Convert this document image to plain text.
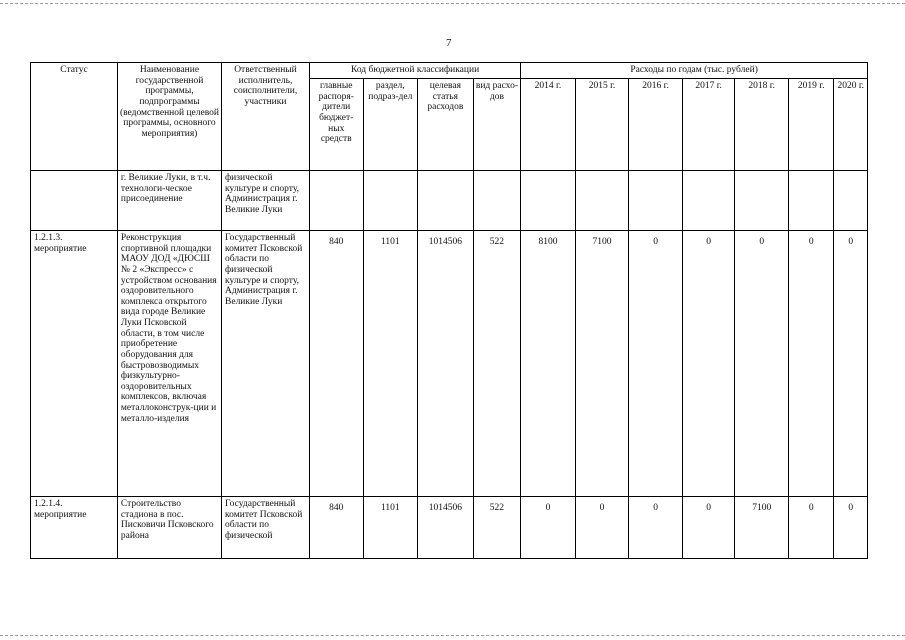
7
Статус	Наименование государственной программы, подпрограммы (ведомственной целевой программы, основного мероприятия)	Ответственный исполнитель, соисполнители, участники	Код бюджетной классификации				Расходы по годам (тыс. рублей)						
			главные распоря-дители бюджет-ных средств	раздел, подраз-дел	целевая статья расходов	вид расхо-дов	2014 г.	2015 г.	2016 г.	2017 г.	2018 г.	2019 г.	2020 г.
	г. Великие Луки, в т.ч. технологи-ческое присоединение	физической культуре и спорту, Администрация г. Великие Луки											
1.2.1.3. мероприятие	Реконструкция спортивной площадки МАОУ ДОД «ДЮСШ № 2 «Экспресс» с устройством основания оздоровительного комплекса открытого вида городе Великие Луки Псковской области, в том числе приобретение оборудования для быстровозводимых физкультурно-оздоровительных комплексов, включая металлоконструк-ции и металло-изделия	Государственный комитет Псковской области по физической культуре и спорту, Администрация г. Великие Луки	840	1101	1014506	522	8100	7100	0	0	0	0	0
1.2.1.4. мероприятие	Строительство стадиона в пос. Писковичи Псковского района	Государственный комитет Псковской области по физической	840	1101	1014506	522	0	0	0	0	7100	0	0
